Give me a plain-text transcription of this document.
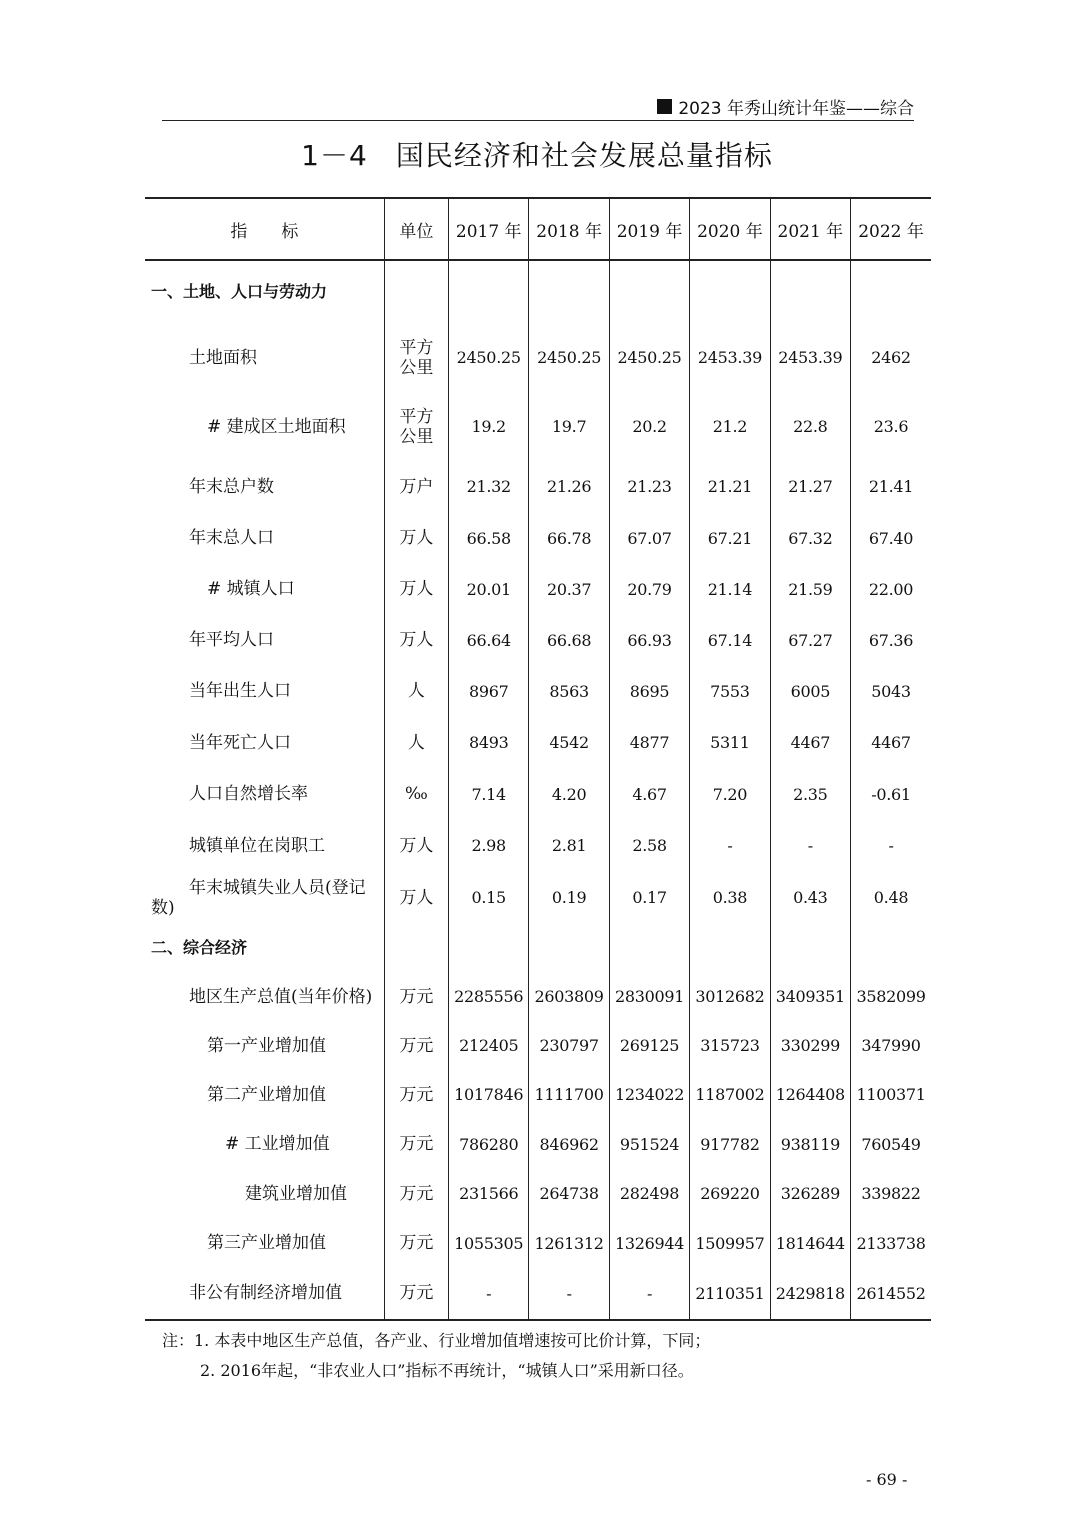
2023 年秀山统计年鉴——综合
1－4 国民经济和社会发展总量指标
指　　标	单位	2017 年	2018 年	2019 年	2020 年	2021 年	2022 年
一、土地、人口与劳动力							
土地面积	平方公里	2450.25	2450.25	2450.25	2453.39	2453.39	2462
# 建成区土地面积	平方公里	19.2	19.7	20.2	21.2	22.8	23.6
年末总户数	万户	21.32	21.26	21.23	21.21	21.27	21.41
年末总人口	万人	66.58	66.78	67.07	67.21	67.32	67.40
# 城镇人口	万人	20.01	20.37	20.79	21.14	21.59	22.00
年平均人口	万人	66.64	66.68	66.93	67.14	67.27	67.36
当年出生人口	人	8967	8563	8695	7553	6005	5043
当年死亡人口	人	8493	4542	4877	5311	4467	4467
人口自然增长率	‰	7.14	4.20	4.67	7.20	2.35	-0.61
城镇单位在岗职工	万人	2.98	2.81	2.58	-	-	-
年末城镇失业人员(登记数)	万人	0.15	0.19	0.17	0.38	0.43	0.48
二、综合经济							
地区生产总值(当年价格)	万元	2285556	2603809	2830091	3012682	3409351	3582099
第一产业增加值	万元	212405	230797	269125	315723	330299	347990
第二产业增加值	万元	1017846	1111700	1234022	1187002	1264408	1100371
# 工业增加值	万元	786280	846962	951524	917782	938119	760549
建筑业增加值	万元	231566	264738	282498	269220	326289	339822
第三产业增加值	万元	1055305	1261312	1326944	1509957	1814644	2133738
非公有制经济增加值	万元	-	-	-	2110351	2429818	2614552
注：1. 本表中地区生产总值，各产业、行业增加值增速按可比价计算，下同；
2. 2016年起，“非农业人口”指标不再统计，“城镇人口”采用新口径。
- 69 -
